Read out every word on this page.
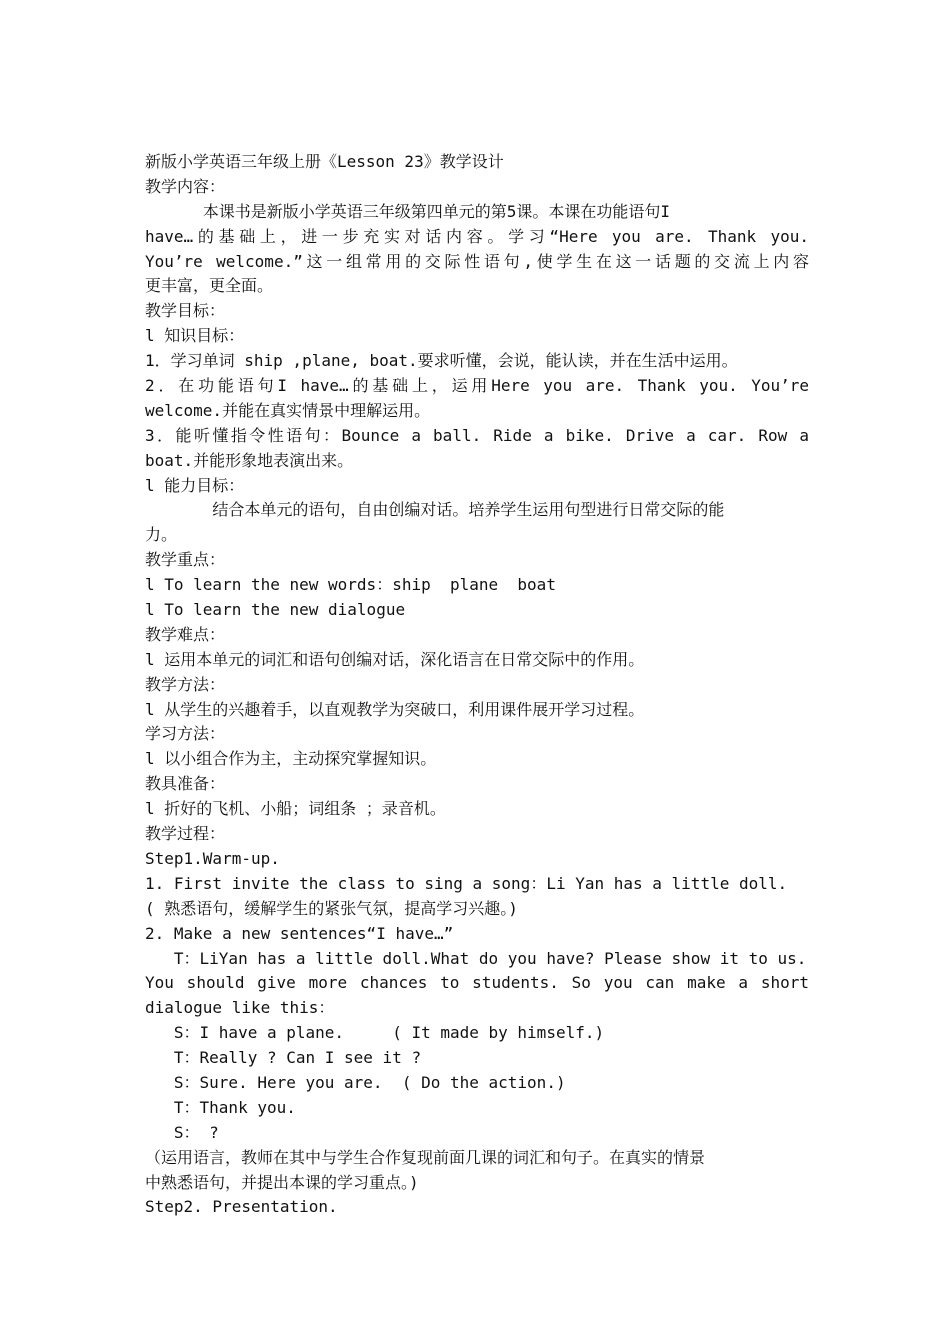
新版小学英语三年级上册《Lesson 23》教学设计
教学内容：
本课书是新版小学英语三年级第四单元的第5课。本课在功能语句I
have…的基础上，进一步充实对话内容。学习“Here you are. Thank you.
You’re welcome.”这一组常用的交际性语句,使学生在这一话题的交流上内容
更丰富，更全面。
教学目标：
l 知识目标：
1．学习单词 ship ,plane, boat.要求听懂，会说，能认读，并在生活中运用。
2．在功能语句I have…的基础上，运用Here you are. Thank you. You’re
welcome.并能在真实情景中理解运用。
3．能听懂指令性语句：Bounce a ball. Ride a bike. Drive a car. Row a
boat.并能形象地表演出来。
l 能力目标：
结合本单元的语句，自由创编对话。培养学生运用句型进行日常交际的能
力。
教学重点：
l To learn the new words：ship  plane  boat
l To learn the new dialogue
教学难点：
l 运用本单元的词汇和语句创编对话，深化语言在日常交际中的作用。
教学方法：
l 从学生的兴趣着手，以直观教学为突破口，利用课件展开学习过程。
学习方法：
l 以小组合作为主，主动探究掌握知识。
教具准备：
l 折好的飞机、小船；词组条 ；录音机。
教学过程：
Step1.Warm-up.
1. First invite the class to sing a song：Li Yan has a little doll.
( 熟悉语句，缓解学生的紧张气氛，提高学习兴趣。)
2. Make a new sentences“I have…”
T：LiYan has a little doll.What do you have? Please show it to us.
You should give more chances to students. So you can make a short
dialogue like this：
S：I have a plane.     ( It made by himself.)
T：Really ? Can I see it ?
S：Sure. Here you are.  ( Do the action.)
T：Thank you.
S： ?
（运用语言，教师在其中与学生合作复现前面几课的词汇和句子。在真实的情景
中熟悉语句，并提出本课的学习重点。)
Step2. Presentation.
